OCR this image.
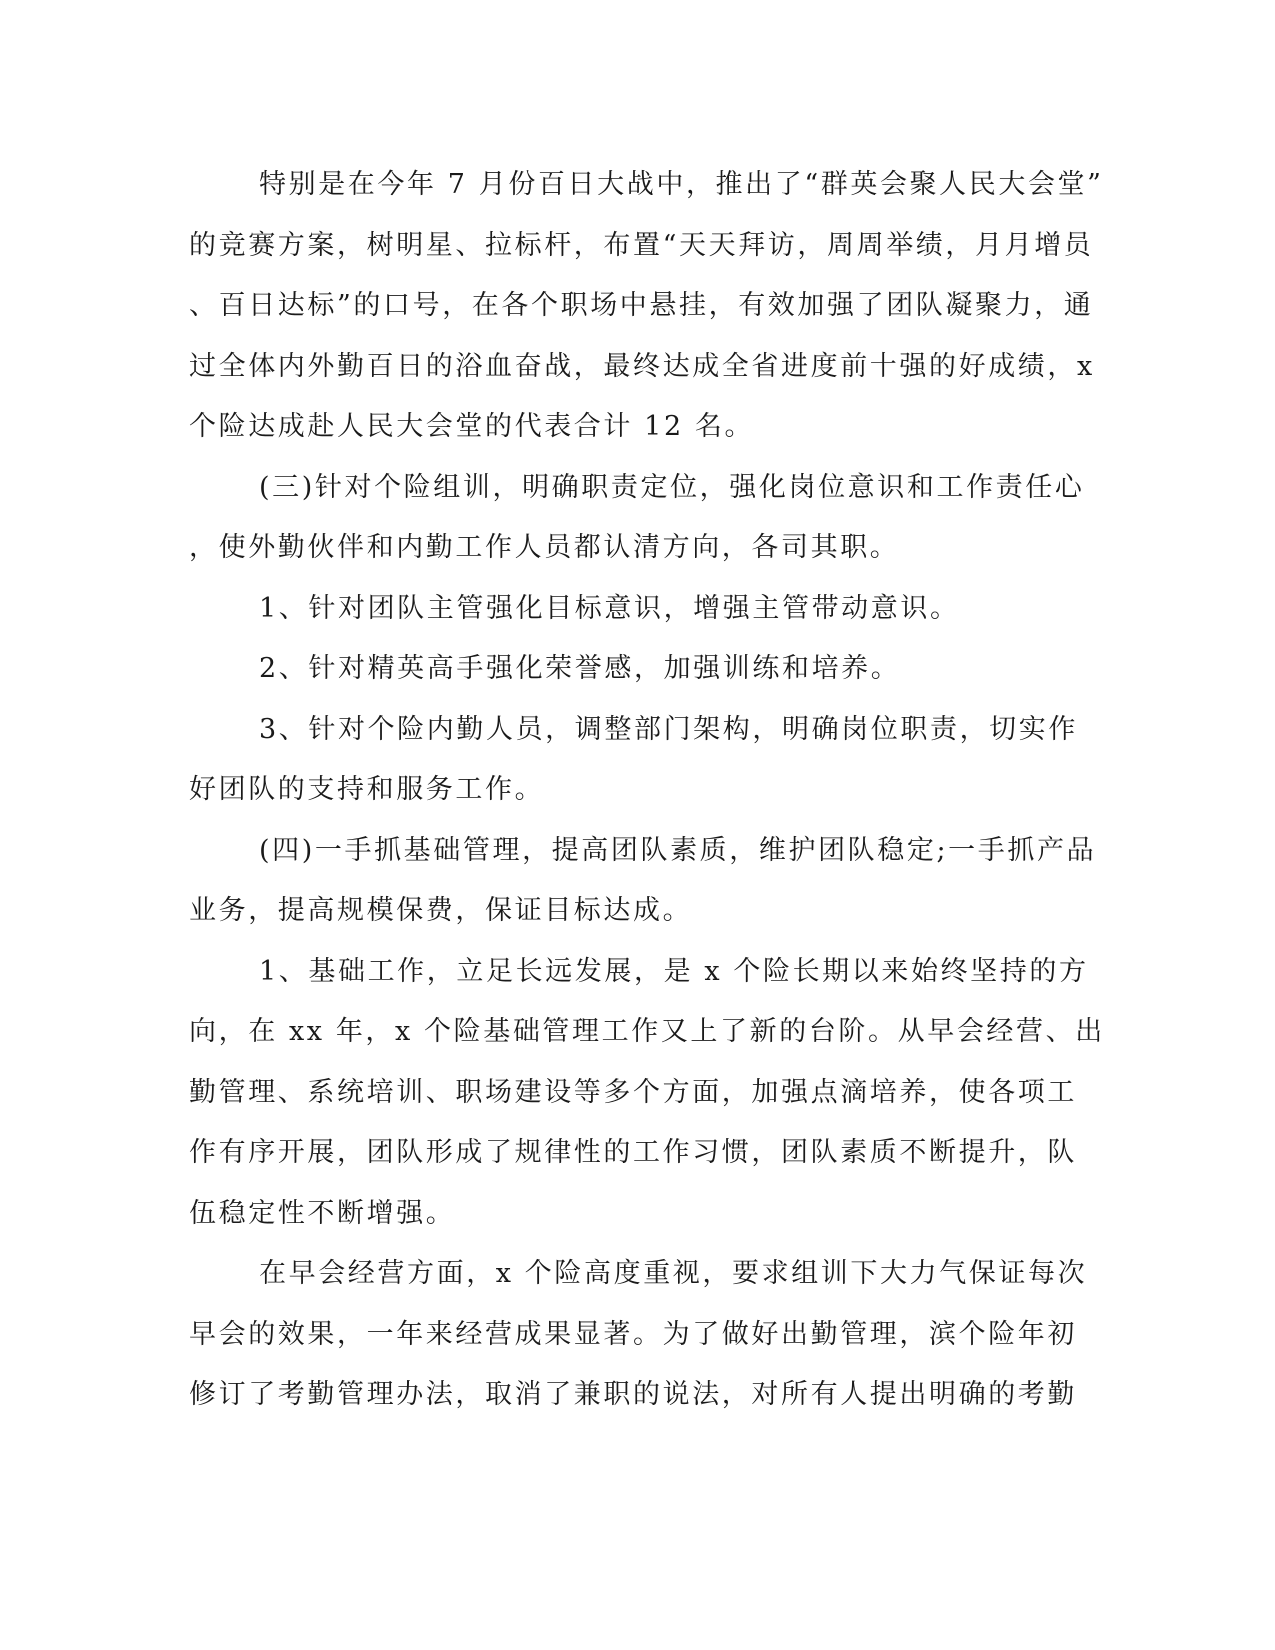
特别是在今年 7 月份百日大战中，推出了“群英会聚人民大会堂”
的竞赛方案，树明星、拉标杆，布置“天天拜访，周周举绩，月月增员
、百日达标”的口号，在各个职场中悬挂，有效加强了团队凝聚力，通
过全体内外勤百日的浴血奋战，最终达成全省进度前十强的好成绩，x
个险达成赴人民大会堂的代表合计 12 名。
(三)针对个险组训，明确职责定位，强化岗位意识和工作责任心
，使外勤伙伴和内勤工作人员都认清方向，各司其职。
1、针对团队主管强化目标意识，增强主管带动意识。
2、针对精英高手强化荣誉感，加强训练和培养。
3、针对个险内勤人员，调整部门架构，明确岗位职责，切实作
好团队的支持和服务工作。
(四)一手抓基础管理，提高团队素质，维护团队稳定;一手抓产品
业务，提高规模保费，保证目标达成。
1、基础工作，立足长远发展，是 x 个险长期以来始终坚持的方
向，在 xx 年，x 个险基础管理工作又上了新的台阶。从早会经营、出
勤管理、系统培训、职场建设等多个方面，加强点滴培养，使各项工
作有序开展，团队形成了规律性的工作习惯，团队素质不断提升，队
伍稳定性不断增强。
在早会经营方面，x 个险高度重视，要求组训下大力气保证每次
早会的效果，一年来经营成果显著。为了做好出勤管理，滨个险年初
修订了考勤管理办法，取消了兼职的说法，对所有人提出明确的考勤
